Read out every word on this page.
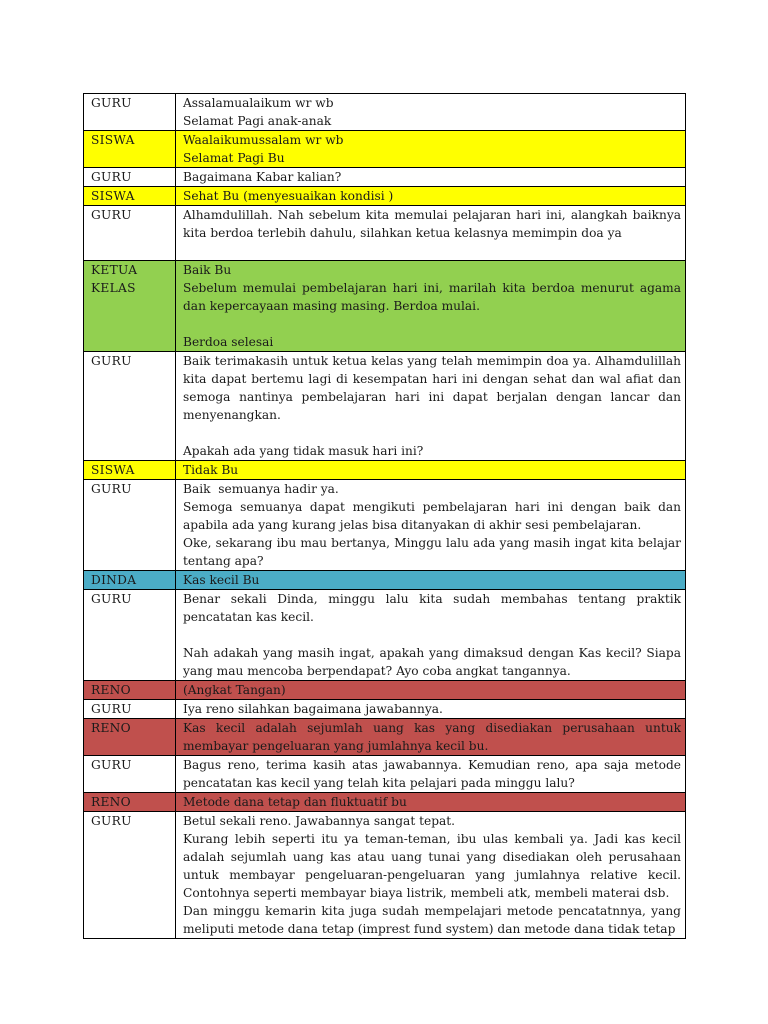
GURU	Assalamualaikum wr wb
Selamat Pagi anak-anak

SISWA	Waalaikumussalam wr wb
Selamat Pagi Bu

GURU	Bagaimana Kabar kalian?

SISWA	Sehat Bu (menyesuaikan kondisi )

GURU	Alhamdulillah. Nah sebelum kita memulai pelajaran hari ini, alangkah baiknya kita berdoa terlebih dahulu, silahkan ketua kelasnya memimpin doa ya

KETUA KELAS	Baik Bu
Sebelum memulai pembelajaran hari ini, marilah kita berdoa menurut agama dan kepercayaan masing masing. Berdoa mulai.
Berdoa selesai

GURU	Baik terimakasih untuk ketua kelas yang telah memimpin doa ya. Alhamdulillah kita dapat bertemu lagi di kesempatan hari ini dengan sehat dan wal afiat dan semoga nantinya pembelajaran hari ini dapat berjalan dengan lancar dan menyenangkan.
Apakah ada yang tidak masuk hari ini?

SISWA	Tidak Bu

GURU	Baik  semuanya hadir ya.
Semoga semuanya dapat mengikuti pembelajaran hari ini dengan baik dan apabila ada yang kurang jelas bisa ditanyakan di akhir sesi pembelajaran.
Oke, sekarang ibu mau bertanya, Minggu lalu ada yang masih ingat kita belajar tentang apa?

DINDA	Kas kecil Bu

GURU	Benar sekali Dinda, minggu lalu kita sudah membahas tentang praktik pencatatan kas kecil.
Nah adakah yang masih ingat, apakah yang dimaksud dengan Kas kecil? Siapa yang mau mencoba berpendapat? Ayo coba angkat tangannya.

RENO	(Angkat Tangan)

GURU	Iya reno silahkan bagaimana jawabannya.

RENO	Kas kecil adalah sejumlah uang kas yang disediakan perusahaan untuk membayar pengeluaran yang jumlahnya kecil bu.

GURU	Bagus reno, terima kasih atas jawabannya. Kemudian reno, apa saja metode pencatatan kas kecil yang telah kita pelajari pada minggu lalu?

RENO	Metode dana tetap dan fluktuatif bu

GURU	Betul sekali reno. Jawabannya sangat tepat.
Kurang lebih seperti itu ya teman-teman, ibu ulas kembali ya. Jadi kas kecil adalah sejumlah uang kas atau uang tunai yang disediakan oleh perusahaan untuk membayar pengeluaran-pengeluaran yang jumlahnya relative kecil. Contohnya seperti membayar biaya listrik, membeli atk, membeli materai dsb.
Dan minggu kemarin kita juga sudah mempelajari metode pencatatnnya, yang meliputi metode dana tetap (imprest fund system) dan metode dana tidak tetap
